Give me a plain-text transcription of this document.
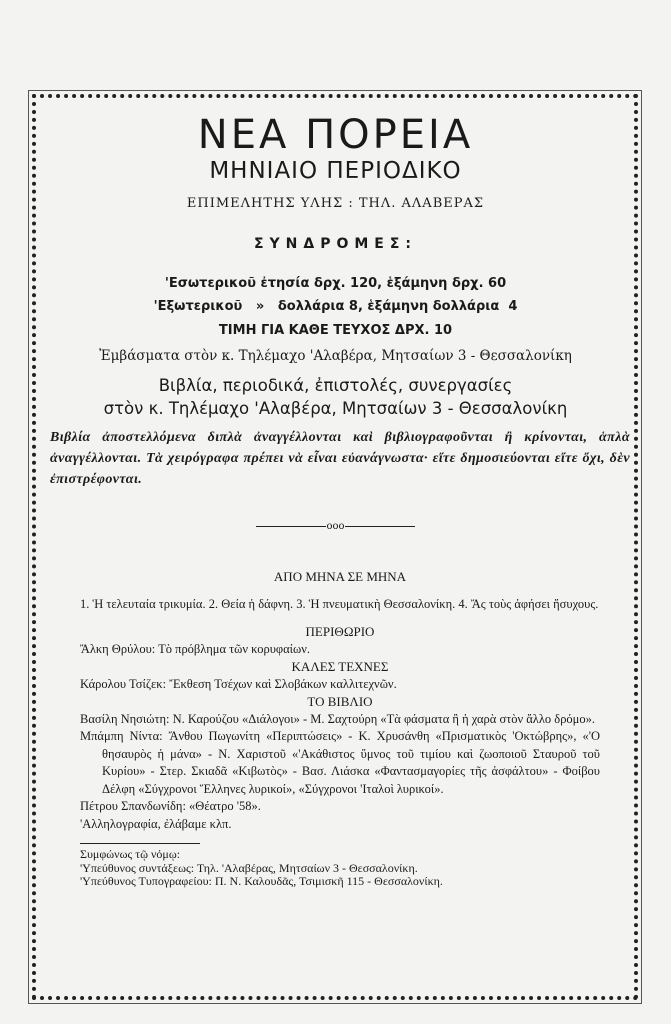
ΝΕΑ ΠΟΡΕΙΑ
ΜΗΝΙΑΙΟ ΠΕΡΙΟΔΙΚΟ
ΕΠΙΜΕΛΗΤΗΣ ΥΛΗΣ : ΤΗΛ. ΑΛΑΒΕΡΑΣ
ΣΥΝΔΡΟΜΕΣ:
'Εσωτερικοῦ ἐτησία δρχ. 120, ἑξάμηνη δρχ. 60
'Εξωτερικοῦ   »   δολλάρια 8, ἑξάμηνη δολλάρια  4
ΤΙΜΗ ΓΙΑ ΚΑΘΕ ΤΕΥΧΟΣ ΔΡΧ. 10
Ἐμβάσματα στὸν κ. Τηλέμαχο 'Αλαβέρα, Μητσαίων 3 - Θεσσαλονίκη
Βιβλία, περιοδικά, ἐπιστολές, συνεργασίες
στὸν κ. Τηλέμαχο 'Αλαβέρα, Μητσαίων 3 - Θεσσαλονίκη
Βιβλία ἀποστελλόμενα διπλὰ ἀναγγέλλονται καὶ βιβλιογραφοῦνται ἢ κρίνονται, ἁπλὰ ἀναγγέλλονται. Τὰ χειρόγραφα πρέπει νὰ εἶναι εὐανάγνωστα· εἴτε δημοσιεύονται εἴτε ὄχι, δὲν ἐπιστρέφονται.
ooo
ΑΠΟ ΜΗΝΑ ΣΕ ΜΗΝΑ
1. Ἡ τελευταία τρικυμία. 2. Θεία ἡ δάφνη. 3. Ἡ πνευματικὴ Θεσσαλονίκη. 4. Ἄς τοὺς ἀφήσει ἥσυχους.
ΠΕΡΙΘΩΡΙΟ
Ἄλκη Θρύλου: Τὸ πρόβλημα τῶν κορυφαίων.
ΚΑΛΕΣ ΤΕΧΝΕΣ
Κάρολου Τσίζεκ: Ἔκθεση Τσέχων καὶ Σλοβάκων καλλιτεχνῶν.
ΤΟ ΒΙΒΛΙΟ
Βασίλη Νησιώτη: Ν. Καρούζου «Διάλογοι» - Μ. Σαχτούρη «Τὰ φάσματα ἢ ἡ χαρὰ στὸν ἄλλο δρόμο».
Μπάμπη Νίντα: Ἄνθου Πωγωνίτη «Περιπτώσεις» - Κ. Χρυσάνθη «Πρισματικὸς 'Οκτώβρης», «'Ο θησαυρὸς ἡ μάνα» - Ν. Χαριστοῦ «'Ακάθιστος ὕμνος τοῦ τιμίου καὶ ζωοποιοῦ Σταυροῦ τοῦ Κυρίου» - Στερ. Σκιαδᾶ «Κιβωτὸς» - Βασ. Λιάσκα «Φαντασμαγορίες τῆς ἀσφάλτου» - Φοίβου Δέλφη «Σύγχρονοι Ἕλληνες λυρικοί», «Σύγχρονοι 'Ιταλοὶ λυρικοί».
Πέτρου Σπανδωνίδη: «Θέατρο '58».
'Αλληλογραφία, ἐλάβαμε κλπ.
Συμφώνως τῷ νόμῳ:
'Υπεύθυνος συντάξεως: Τηλ. 'Αλαβέρας, Μητσαίων 3 - Θεσσαλονίκη.
'Υπεύθυνος Τυπογραφείου: Π. Ν. Καλουδᾶς, Τσιμισκῆ 115 - Θεσσαλονίκη.
